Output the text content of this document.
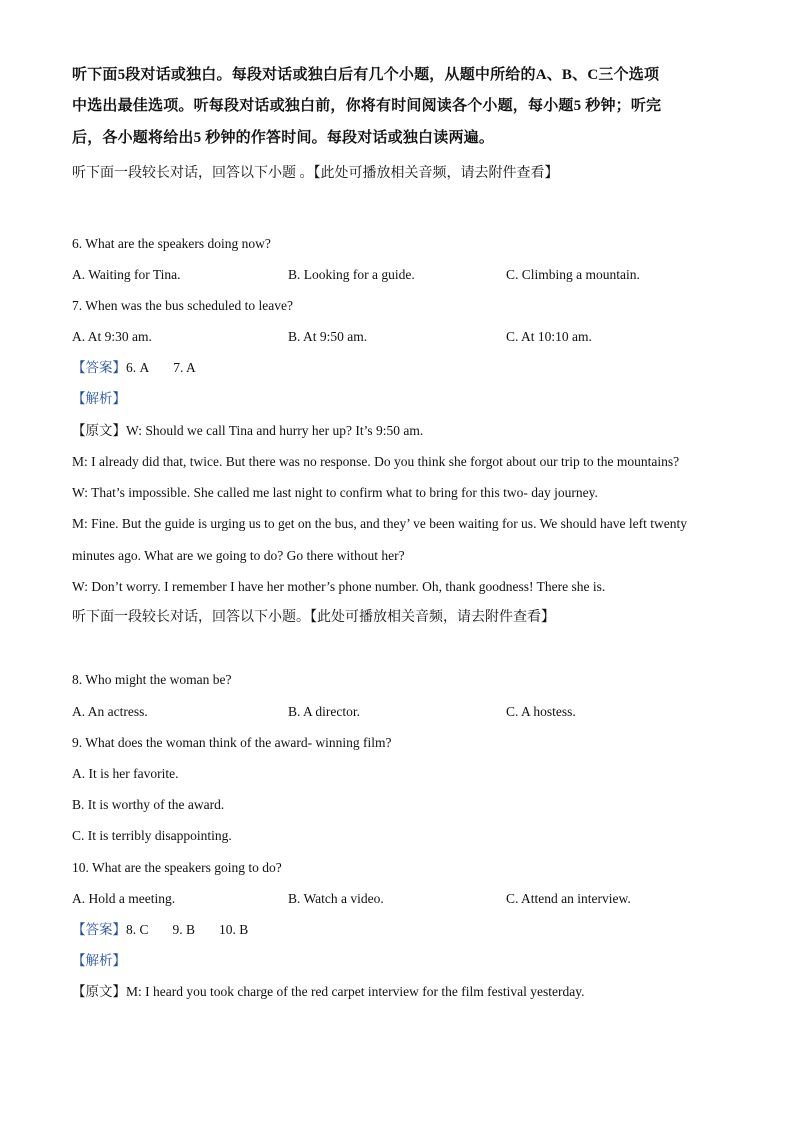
听下面5段对话或独白。每段对话或独白后有几个小题，从题中所给的A、B、C三个选项
中选出最佳选项。听每段对话或独白前，你将有时间阅读各个小题，每小题5 秒钟；听完
后，各小题将给出5 秒钟的作答时间。每段对话或独白读两遍。
听下面一段较长对话，回答以下小题 。【此处可播放相关音频，请去附件查看】
6. What are the speakers doing now?
A. Waiting for Tina.	B. Looking for a guide.	C. Climbing a mountain.
7. When was the bus scheduled to leave?
A. At 9:30 am.	B. At 9:50 am.	C. At 10:10 am.
【答案】6. A 7. A
【解析】
【原文】W: Should we call Tina and hurry her up? It’s 9:50 am.
M: I already did that, twice. But there was no response. Do you think she forgot about our trip to the mountains?
W: That’s impossible. She called me last night to confirm what to bring for this two- day journey.
M: Fine. But the guide is urging us to get on the bus, and they’ ve been waiting for us. We should have left twenty
minutes ago. What are we going to do? Go there without her?
W: Don’t worry. I remember I have her mother’s phone number. Oh, thank goodness! There she is.
听下面一段较长对话，回答以下小题。【此处可播放相关音频，请去附件查看】
8. Who might the woman be?
A. An actress.	B. A director.	C. A hostess.
9. What does the woman think of the award- winning film?
A. It is her favorite.
B. It is worthy of the award.
C. It is terribly disappointing.
10. What are the speakers going to do?
A. Hold a meeting.	B. Watch a video.	C. Attend an interview.
【答案】8. C 9. B 10. B
【解析】
【原文】M: I heard you took charge of the red carpet interview for the film festival yesterday.
